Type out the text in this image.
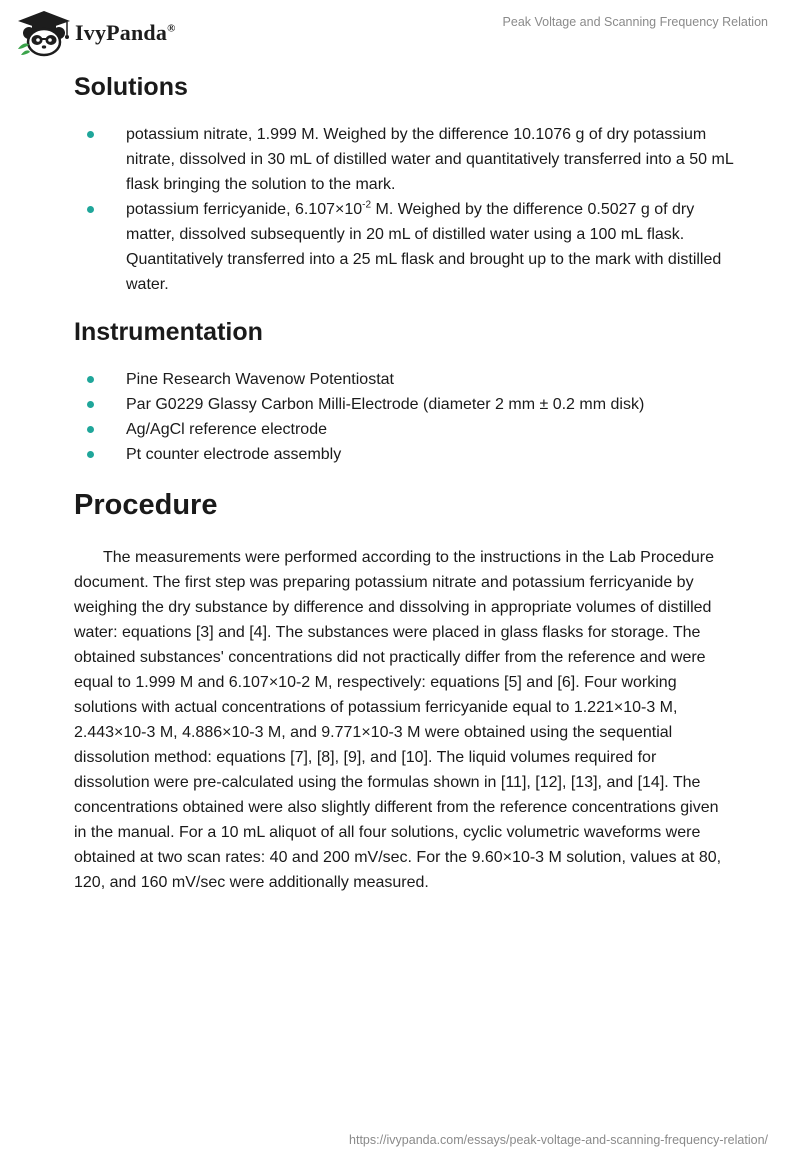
IvyPanda®	Peak Voltage and Scanning Frequency Relation
Solutions
potassium nitrate, 1.999 M. Weighed by the difference 10.1076 g of dry potassium nitrate, dissolved in 30 mL of distilled water and quantitatively transferred into a 50 mL flask bringing the solution to the mark.
potassium ferricyanide, $6.107\times 10^{-2}$ M. Weighed by the difference 0.5027 g of dry matter, dissolved subsequently in 20 mL of distilled water using a 100 mL flask. Quantitatively transferred into a 25 mL flask and brought up to the mark with distilled water.
Instrumentation
Pine Research Wavenow Potentiostat
Par G0229 Glassy Carbon Milli-Electrode (diameter 2 mm ± 0.2 mm disk)
Ag/AgCl reference electrode
Pt counter electrode assembly
Procedure

The measurements were performed according to the instructions in the Lab Procedure document. The first step was preparing potassium nitrate and potassium ferricyanide by weighing the dry substance by difference and dissolving in appropriate volumes of distilled water: equations [3] and [4]. The substances were placed in glass flasks for storage. The obtained substances' concentrations did not practically differ from the reference and were equal to 1.999 M and 6.107×10-2 M, respectively: equations [5] and [6]. Four working solutions with actual concentrations of potassium ferricyanide equal to 1.221×10-3 M, 2.443×10-3 M, 4.886×10-3 M, and 9.771×10-3 M were obtained using the sequential dissolution method: equations [7], [8], [9], and [10]. The liquid volumes required for dissolution were pre-calculated using the formulas shown in [11], [12], [13], and [14]. The concentrations obtained were also slightly different from the reference concentrations given in the manual. For a 10 mL aliquot of all four solutions, cyclic volumetric waveforms were obtained at two scan rates: 40 and 200 mV/sec. For the 9.60×10-3 M solution, values at 80, 120, and 160 mV/sec were additionally measured.

https://ivypanda.com/essays/peak-voltage-and-scanning-frequency-relation/
